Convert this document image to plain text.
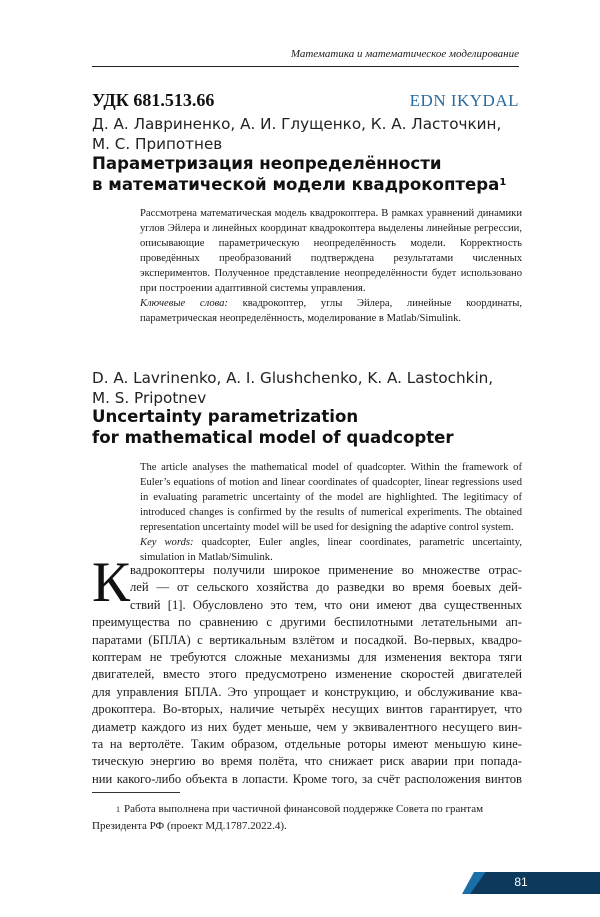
Математика и математическое моделирование
УДК 681.513.66	EDN IKYDAL
Д. А. Лавриненко, А. И. Глущенко, К. А. Ласточкин,
М. С. Припотнев
Параметризация неопределённости
в математической модели квадрокоптера$^1$

Рассмотрена математическая модель квадрокоптера. В рамках уравнений динамики углов Эйлера и линейных координат квадрокоптера выделены линейные регрессии, описывающие параметрическую неопределённость модели. Корректность проведённых преобразований подтверждена результатами численных экспериментов. Полученное представление неопределённости будет использовано при построении адаптивной системы управления.

Ключевые слова: квадрокоптер, углы Эйлера, линейные координаты, параметрическая неопределённость, моделирование в Matlab/Simulink.

D. A. Lavrinenko, A. I. Glushchenko, K. A. Lastochkin,
M. S. Pripotnev
Uncertainty parametrization
for mathematical model of quadcopter

The article analyses the mathematical model of quadcopter. Within the framework of Euler’s equations of motion and linear coordinates of quadcopter, linear regressions used in evaluating parametric uncertainty of the model are highlighted. The legitimacy of introduced changes is confirmed by the results of numerical experiments. The obtained representation uncertainty model will be used for designing the adaptive control system.

Key words: quadcopter, Euler angles, linear coordinates, parametric uncertainty, simulation in Matlab/Simulink.

К вадрокоптеры получили широкое применение во множестве отрас-
лей — от сельского хозяйства до разведки во время боевых дей-
ствий [1]. Обусловлено это тем, что они имеют два существенных
преимущества по сравнению с другими беспилотными летательными ап-
паратами (БПЛА) с вертикальным взлётом и посадкой. Во-первых, квадро-
коптерам не требуются сложные механизмы для изменения вектора тяги
двигателей, вместо этого предусмотрено изменение скоростей двигателей
для управления БПЛА. Это упрощает и конструкцию, и обслуживание ква-
дрокоптера. Во-вторых, наличие четырёх несущих винтов гарантирует, что
диаметр каждого из них будет меньше, чем у эквивалентного несущего вин-
та на вертолёте. Таким образом, отдельные роторы имеют меньшую кине-
тическую энергию во время полёта, что снижает риск аварии при попада-
нии какого-либо объекта в лопасти. Кроме того, за счёт расположения винтов
$^1$ Работа выполнена при частичной финансовой поддержке Совета по грантам
Президента РФ (проект МД.1787.2022.4).
81
